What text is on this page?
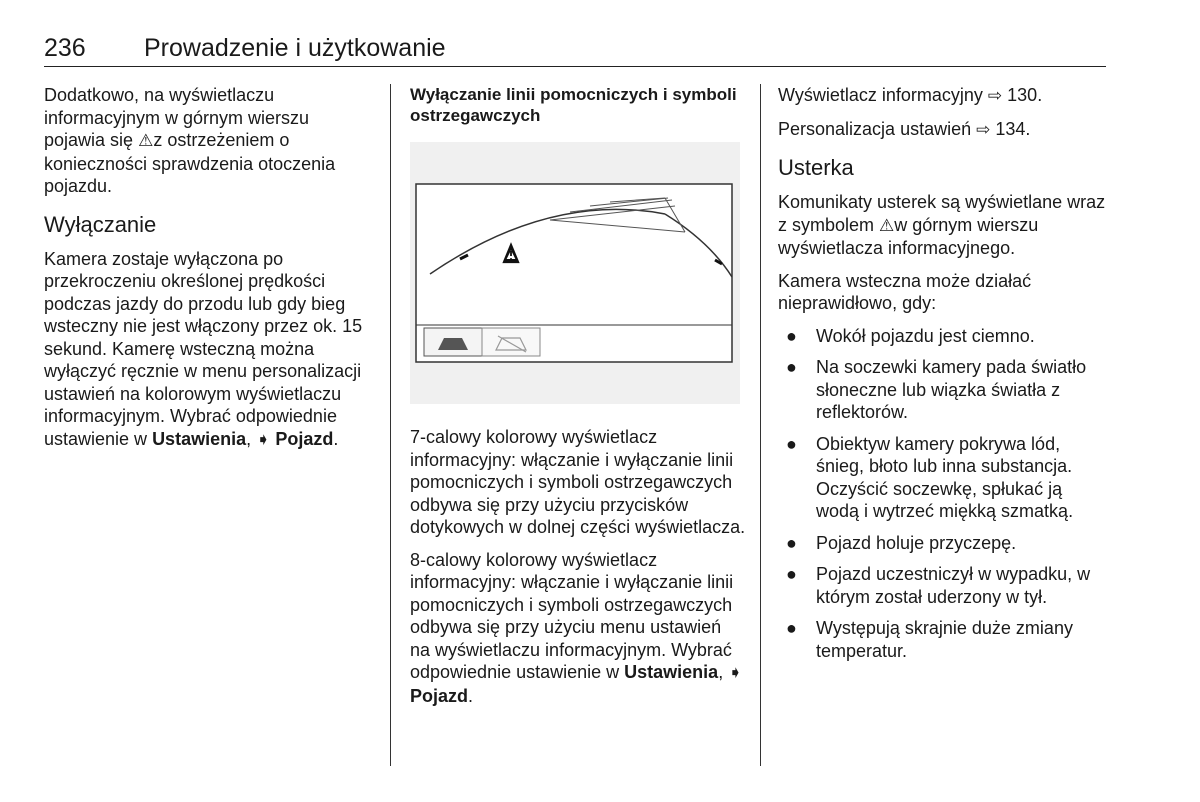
236 Prowadzenie i użytkowanie

Dodatkowo, na wyświetlaczu informacyjnym w górnym wierszu pojawia się ⚠z ostrzeżeniem o konieczności sprawdzenia otoczenia pojazdu.

Wyłączanie

Kamera zostaje wyłączona po przekroczeniu określonej prędkości podczas jazdy do przodu lub gdy bieg wsteczny nie jest włączony przez ok. 15 sekund. Kamerę wsteczną można wyłączyć ręcznie w menu personalizacji ustawień na kolorowym wyświetlaczu informacyjnym. Wybrać odpowiednie ustawienie w Ustawienia, ➧ Pojazd.

Wyłączanie linii pomocniczych i symboli ostrzegawczych

7-calowy kolorowy wyświetlacz informacyjny: włączanie i wyłączanie linii pomocniczych i symboli ostrzegawczych odbywa się przy użyciu przycisków dotykowych w dolnej części wyświetlacza.

8-calowy kolorowy wyświetlacz informacyjny: włączanie i wyłączanie linii pomocniczych i symboli ostrzegawczych odbywa się przy użyciu menu ustawień na wyświetlaczu informacyjnym. Wybrać odpowiednie ustawienie w Ustawienia, ➧ Pojazd.

Wyświetlacz informacyjny ⇨ 130.

Personalizacja ustawień ⇨ 134.

Usterka

Komunikaty usterek są wyświetlane wraz z symbolem ⚠w górnym wierszu wyświetlacza informacyjnego.

Kamera wsteczna może działać nieprawidłowo, gdy:

● Wokół pojazdu jest ciemno.
● Na soczewki kamery pada światło słoneczne lub wiązka światła z reflektorów.
● Obiektyw kamery pokrywa lód, śnieg, błoto lub inna substancja. Oczyścić soczewkę, spłukać ją wodą i wytrzeć miękką szmatką.
● Pojazd holuje przyczepę.
● Pojazd uczestniczył w wypadku, w którym został uderzony w tył.
● Występują skrajnie duże zmiany temperatur.
